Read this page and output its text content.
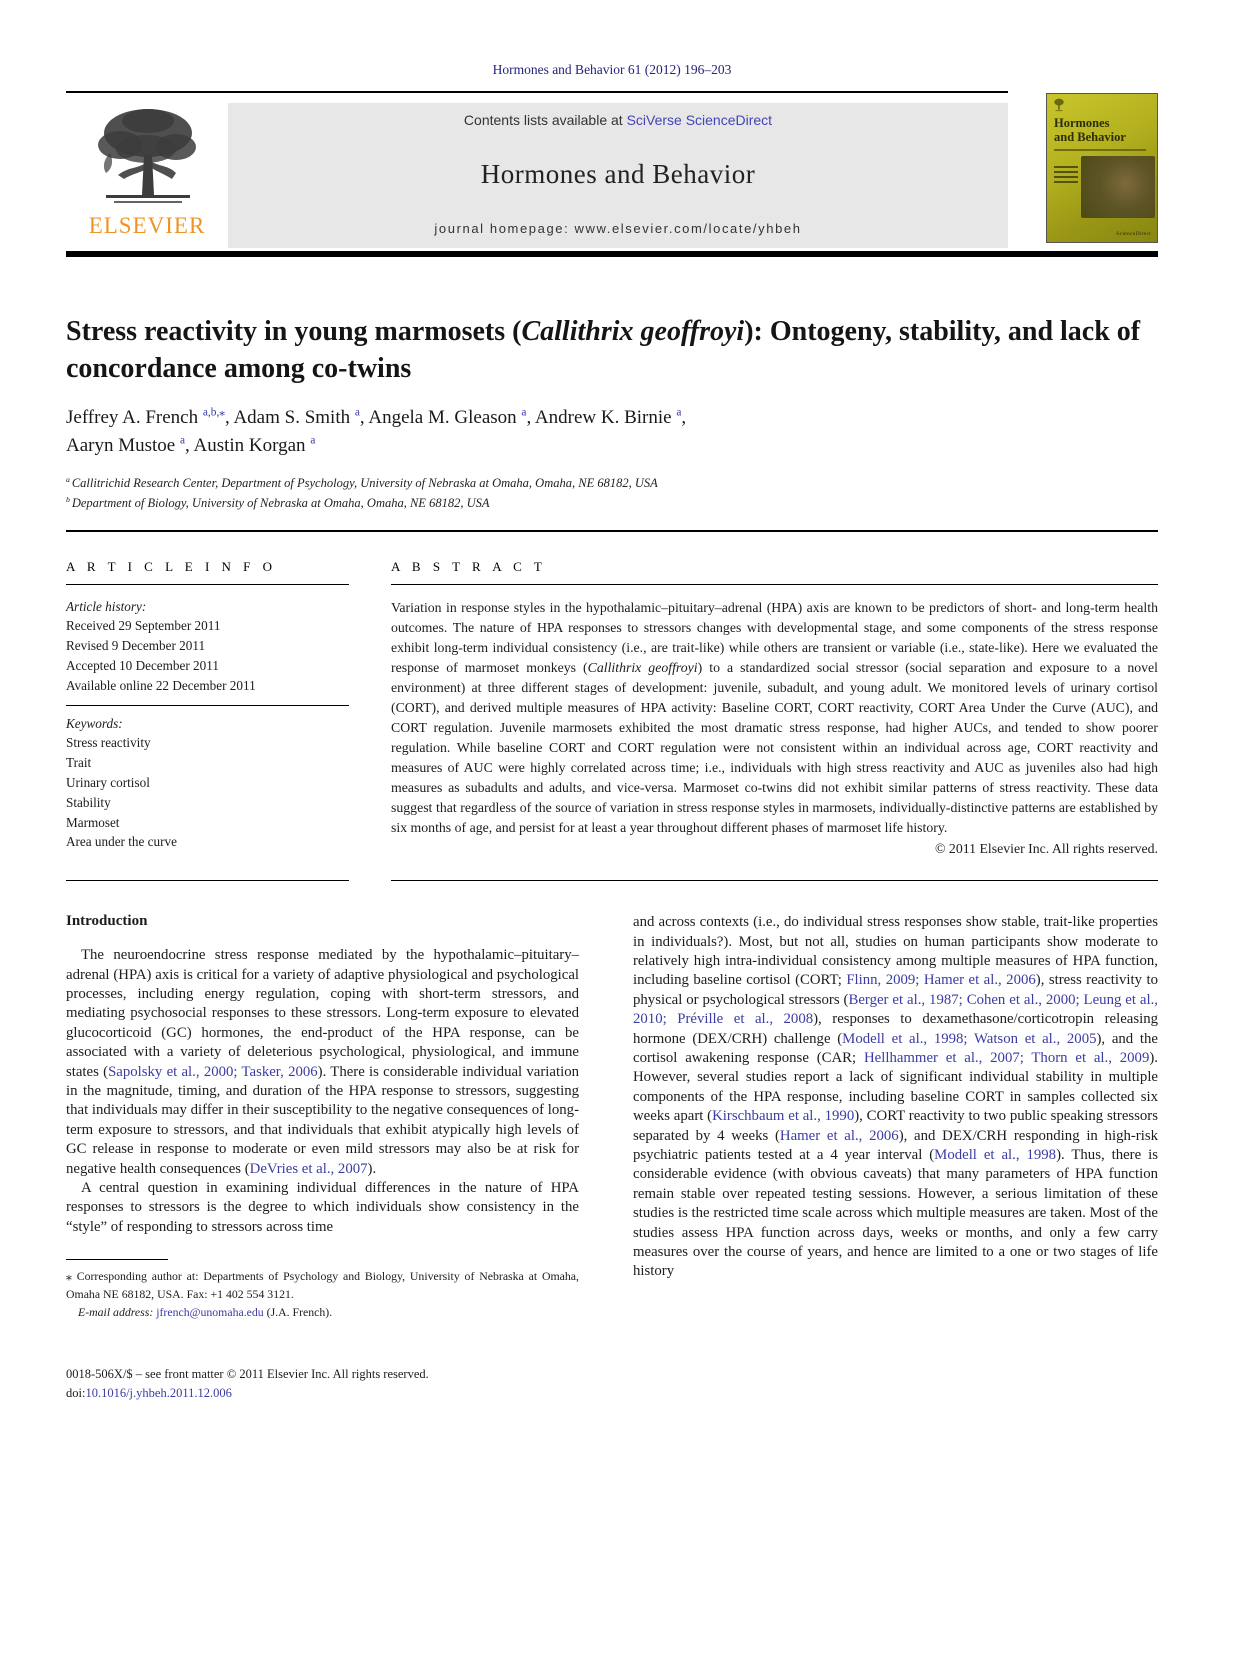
Hormones and Behavior 61 (2012) 196–203
ELSEVIER
Contents lists available at SciVerse ScienceDirect
Hormones and Behavior
journal homepage: www.elsevier.com/locate/yhbeh
Hormones
and Behavior
ScienceDirect
Stress reactivity in young marmosets (Callithrix geoffroyi): Ontogeny, stability, and lack of concordance among co-twins
Jeffrey A. French $^{a,b,⁎}$, Adam S. Smith $^a$, Angela M. Gleason $^a$, Andrew K. Birnie $^a$,
Aaryn Mustoe $^a$, Austin Korgan $^a$
$^a$ Callitrichid Research Center, Department of Psychology, University of Nebraska at Omaha, Omaha, NE 68182, USA
$^b$ Department of Biology, University of Nebraska at Omaha, Omaha, NE 68182, USA
A R T I C L E I N F O
Article history:
Received 29 September 2011
Revised 9 December 2011
Accepted 10 December 2011
Available online 22 December 2011
Keywords:
Stress reactivity
Trait
Urinary cortisol
Stability
Marmoset
Area under the curve
A B S T R A C T
Variation in response styles in the hypothalamic–pituitary–adrenal (HPA) axis are known to be predictors of short- and long-term health outcomes. The nature of HPA responses to stressors changes with developmental stage, and some components of the stress response exhibit long-term individual consistency (i.e., are trait-like) while others are transient or variable (i.e., state-like). Here we evaluated the response of marmoset monkeys (Callithrix geoffroyi) to a standardized social stressor (social separation and exposure to a novel environment) at three different stages of development: juvenile, subadult, and young adult. We monitored levels of urinary cortisol (CORT), and derived multiple measures of HPA activity: Baseline CORT, CORT reactivity, CORT Area Under the Curve (AUC), and CORT regulation. Juvenile marmosets exhibited the most dramatic stress response, had higher AUCs, and tended to show poorer regulation. While baseline CORT and CORT regulation were not consistent within an individual across age, CORT reactivity and measures of AUC were highly correlated across time; i.e., individuals with high stress reactivity and AUC as juveniles also had high measures as subadults and adults, and vice-versa. Marmoset co-twins did not exhibit similar patterns of stress reactivity. These data suggest that regardless of the source of variation in stress response styles in marmosets, individually-distinctive patterns are established by six months of age, and persist for at least a year throughout different phases of marmoset life history.
© 2011 Elsevier Inc. All rights reserved.
Introduction

The neuroendocrine stress response mediated by the hypothalamic–pituitary–adrenal (HPA) axis is critical for a variety of adaptive physiological and psychological processes, including energy regulation, coping with short-term stressors, and mediating psychosocial responses to these stressors. Long-term exposure to elevated glucocorticoid (GC) hormones, the end-product of the HPA response, can be associated with a variety of deleterious psychological, physiological, and immune states (Sapolsky et al., 2000; Tasker, 2006). There is considerable individual variation in the magnitude, timing, and duration of the HPA response to stressors, suggesting that individuals may differ in their susceptibility to the negative consequences of long-term exposure to stressors, and that individuals that exhibit atypically high levels of GC release in response to moderate or even mild stressors may also be at risk for negative health consequences (DeVries et al., 2007).

A central question in examining individual differences in the nature of HPA responses to stressors is the degree to which individuals show consistency in the “style” of responding to stressors across time

⁎ Corresponding author at: Departments of Psychology and Biology, University of Nebraska at Omaha, Omaha NE 68182, USA. Fax: +1 402 554 3121.

E-mail address: jfrench@unomaha.edu (J.A. French).

0018-506X/$ – see front matter © 2011 Elsevier Inc. All rights reserved.
doi:10.1016/j.yhbeh.2011.12.006

and across contexts (i.e., do individual stress responses show stable, trait-like properties in individuals?). Most, but not all, studies on human participants show moderate to relatively high intra-individual consistency among multiple measures of HPA function, including baseline cortisol (CORT; Flinn, 2009; Hamer et al., 2006), stress reactivity to physical or psychological stressors (Berger et al., 1987; Cohen et al., 2000; Leung et al., 2010; Préville et al., 2008), responses to dexamethasone/corticotropin releasing hormone (DEX/CRH) challenge (Modell et al., 1998; Watson et al., 2005), and the cortisol awakening response (CAR; Hellhammer et al., 2007; Thorn et al., 2009). However, several studies report a lack of significant individual stability in multiple components of the HPA response, including baseline CORT in samples collected six weeks apart (Kirschbaum et al., 1990), CORT reactivity to two public speaking stressors separated by 4 weeks (Hamer et al., 2006), and DEX/CRH responding in high-risk psychiatric patients tested at a 4 year interval (Modell et al., 1998). Thus, there is considerable evidence (with obvious caveats) that many parameters of HPA function remain stable over repeated testing sessions. However, a serious limitation of these studies is the restricted time scale across which multiple measures are taken. Most of the studies assess HPA function across days, weeks or months, and only a few carry measures over the course of years, and hence are limited to a one or two stages of life history
